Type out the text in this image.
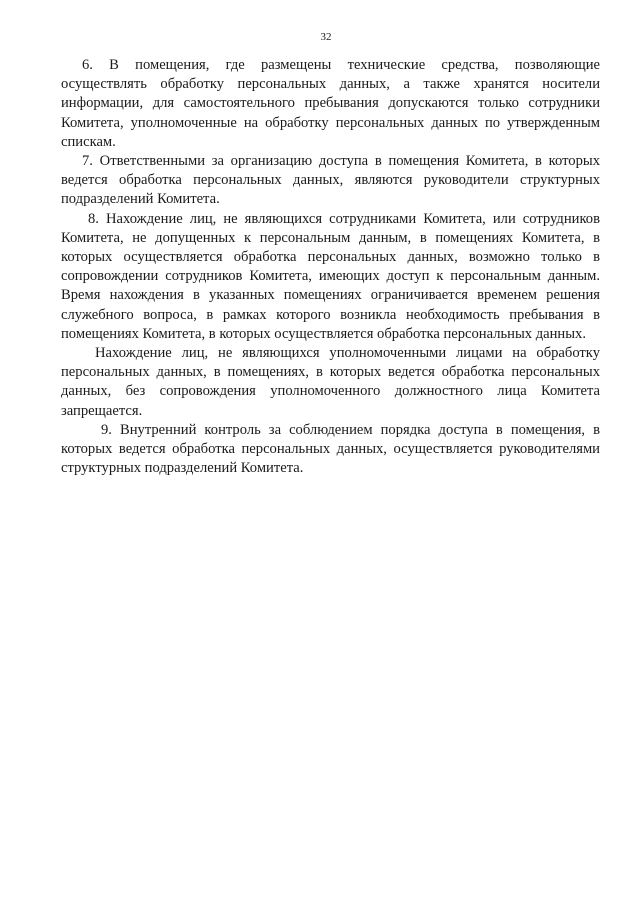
32

6. В помещения, где размещены технические средства, позволяющие осуществлять обработку персональных данных, а также хранятся носители информации, для самостоятельного пребывания допускаются только сотрудники Комитета, уполномоченные на обработку персональных данных по утвержденным спискам.

7. Ответственными за организацию доступа в помещения Комитета, в которых ведется обработка персональных данных, являются руководители структурных подразделений Комитета.

8. Нахождение лиц, не являющихся сотрудниками Комитета, или сотрудников Комитета, не допущенных к персональным данным, в помещениях Комитета, в которых осуществляется обработка персональных данных, возможно только в сопровождении сотрудников Комитета, имеющих доступ к персональным данным. Время нахождения в указанных помещениях ограничивается временем решения служебного вопроса, в рамках которого возникла необходимость пребывания в помещениях Комитета, в которых осуществляется обработка персональных данных.

Нахождение лиц, не являющихся уполномоченными лицами на обработку персональных данных, в помещениях, в которых ведется обработка персональных данных, без сопровождения уполномоченного должностного лица Комитета запрещается.

9. Внутренний контроль за соблюдением порядка доступа в помещения, в которых ведется обработка персональных данных, осуществляется руководителями структурных подразделений Комитета.
